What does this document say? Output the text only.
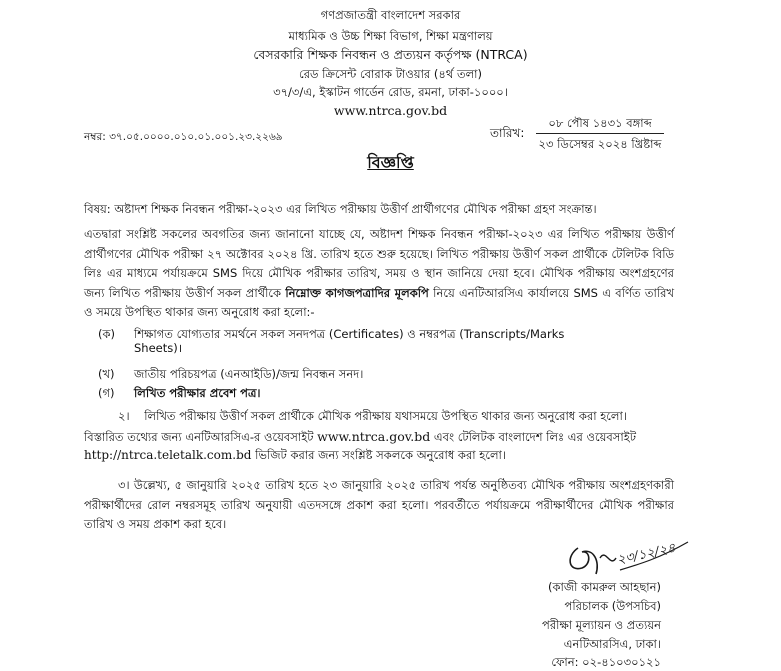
গণপ্রজাতন্ত্রী বাংলাদেশ সরকার
মাধ্যমিক ও উচ্চ শিক্ষা বিভাগ, শিক্ষা মন্ত্রণালয়
বেসরকারি শিক্ষক নিবন্ধন ও প্রত্যয়ন কর্তৃপক্ষ (NTRCA)
রেড ক্রিসেন্ট বোরাক টাওয়ার (৪র্থ তলা)
৩৭/৩/এ, ইস্কাটন গার্ডেন রোড, রমনা, ঢাকা-১০০০।
www.ntrca.gov.bd
নম্বর: ৩৭.০৫.০০০০.০১০.০১.০০১.২৩.২২৬৯	তারিখ:
০৮ পৌষ ১৪৩১ বঙ্গাব্দ
২৩ ডিসেম্বর ২০২৪ খ্রিষ্টাব্দ
বিজ্ঞপ্তি
বিষয়: অষ্টাদশ শিক্ষক নিবন্ধন পরীক্ষা-২০২৩ এর লিখিত পরীক্ষায় উত্তীর্ণ প্রার্থীগণের মৌখিক পরীক্ষা গ্রহণ সংক্রান্ত।
এতদ্বারা সংশ্লিষ্ট সকলের অবগতির জন্য জানানো যাচ্ছে যে, অষ্টাদশ শিক্ষক নিবন্ধন পরীক্ষা-২০২৩ এর লিখিত পরীক্ষায় উত্তীর্ণ প্রার্থীগণের মৌখিক পরীক্ষা ২৭ অক্টোবর ২০২৪ খ্রি. তারিখ হতে শুরু হয়েছে। লিখিত পরীক্ষায় উত্তীর্ণ সকল প্রার্থীকে টেলিটক বিডি লিঃ এর মাধ্যমে পর্যায়ক্রমে SMS দিয়ে মৌখিক পরীক্ষার তারিখ, সময় ও স্থান জানিয়ে দেয়া হবে। মৌখিক পরীক্ষায় অংশগ্রহণের জন্য লিখিত পরীক্ষায় উত্তীর্ণ সকল প্রার্থীকে নিম্নোক্ত কাগজপত্রাদির মূলকপি নিয়ে এনটিআরসিএ কার্যালয়ে SMS এ বর্ণিত তারিখ ও সময়ে উপস্থিত থাকার জন্য অনুরোধ করা হলো:-
(ক) শিক্ষাগত যোগ্যতার সমর্থনে সকল সনদপত্র (Certificates) ও নম্বরপত্র (Transcripts/Marks
Sheets)।
(খ) জাতীয় পরিচয়পত্র (এনআইডি)/জন্ম নিবন্ধন সনদ।
(গ) লিখিত পরীক্ষার প্রবেশ পত্র।
২। লিখিত পরীক্ষায় উত্তীর্ণ সকল প্রার্থীকে মৌখিক পরীক্ষায় যথাসময়ে উপস্থিত থাকার জন্য অনুরোধ করা হলো।
বিস্তারিত তথ্যের জন্য এনটিআরসিএ-র ওয়েবসাইট www.ntrca.gov.bd এবং টেলিটক বাংলাদেশ লিঃ এর ওয়েবসাইট
http://ntrca.teletalk.com.bd ভিজিট করার জন্য সংশ্লিষ্ট সকলকে অনুরোধ করা হলো।
৩। উল্লেখ্য, ৫ জানুয়ারি ২০২৫ তারিখ হতে ২৩ জানুয়ারি ২০২৫ তারিখ পর্যন্ত অনুষ্ঠিতব্য মৌখিক পরীক্ষায় অংশগ্রহণকারী পরীক্ষার্থীদের রোল নম্বরসমূহ তারিখ অনুযায়ী এতদসঙ্গে প্রকাশ করা হলো। পরবর্তীতে পর্যায়ক্রমে পরীক্ষার্থীদের মৌখিক পরীক্ষার তারিখ ও সময় প্রকাশ করা হবে।
২৩/১২/২৪
(কাজী কামরুল আহছান)
পরিচালক (উপসচিব)
পরীক্ষা মূল্যায়ন ও প্রত্যয়ন
এনটিআরসিএ, ঢাকা।
ফোন: ০২-৪১০৩০১২১
